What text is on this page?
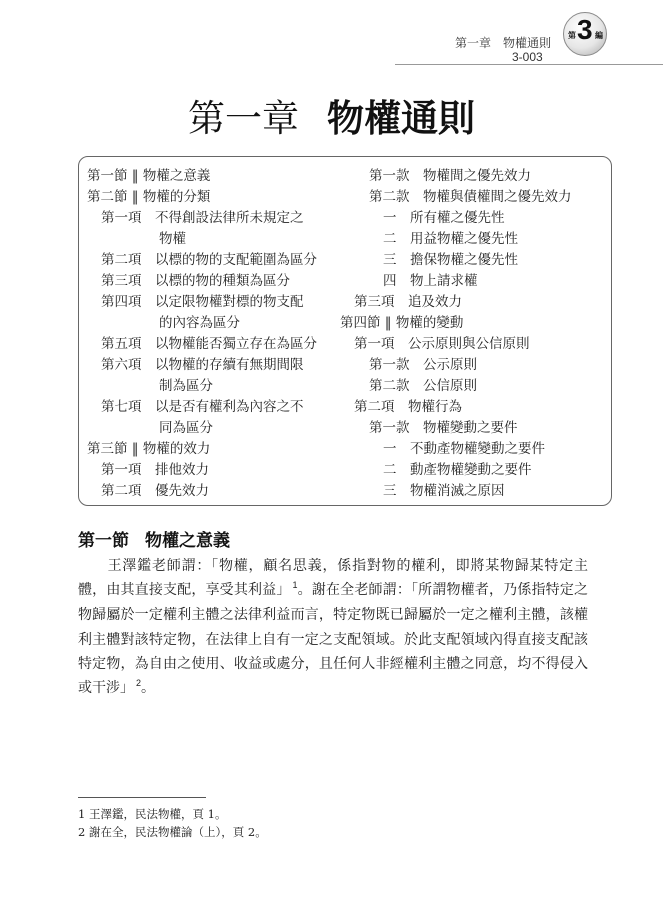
第一章　物權通則
3-003
第 3 編
第一章 物權通則
第一節 ‖ 物權之意義
第二節 ‖ 物權的分類
第一項　不得創設法律所未規定之
物權
第二項　以標的物的支配範圍為區分
第三項　以標的物的種類為區分
第四項　以定限物權對標的物支配
的內容為區分
第五項　以物權能否獨立存在為區分
第六項　以物權的存續有無期間限
制為區分
第七項　以是否有權利為內容之不
同為區分
第三節 ‖ 物權的效力
第一項　排他效力
第二項　優先效力
第一款　物權間之優先效力
第二款　物權與債權間之優先效力
一　所有權之優先性
二　用益物權之優先性
三　擔保物權之優先性
四　物上請求權
第三項　追及效力
第四節 ‖ 物權的變動
第一項　公示原則與公信原則
第一款　公示原則
第二款　公信原則
第二項　物權行為
第一款　物權變動之要件
一　不動產物權變動之要件
二　動產物權變動之要件
三　物權消滅之原因
第一節 物權之意義
　　王澤鑑老師謂：「物權，顧名思義，係指對物的權利，即將某物歸某特定主體，由其直接支配，享受其利益」 $^1$。謝在全老師謂：「所謂物權者，乃係指特定之物歸屬於一定權利主體之法律利益而言，特定物既已歸屬於一定之權利主體，該權利主體對該特定物，在法律上自有一定之支配領域。於此支配領域內得直接支配該特定物，為自由之使用、收益或處分，且任何人非經權利主體之同意，均不得侵入或干涉」 $^2$。
1 王澤鑑，民法物權，頁 1。
2 謝在全，民法物權論（上），頁 2。
